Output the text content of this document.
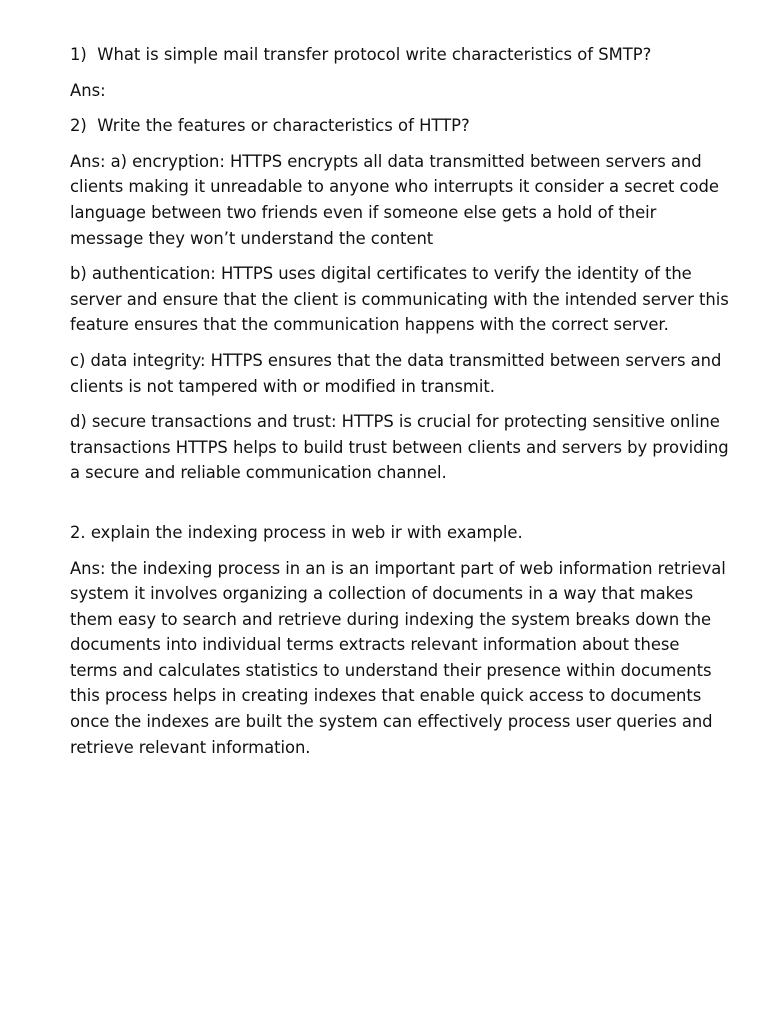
1)  What is simple mail transfer protocol write characteristics of SMTP?

Ans:

2)  Write the features or characteristics of HTTP?

Ans: a) encryption: HTTPS encrypts all data transmitted between servers and clients making it unreadable to anyone who interrupts it consider a secret code language between two friends even if someone else gets a hold of their message they won’t understand the content

b) authentication: HTTPS uses digital certificates to verify the identity of the server and ensure that the client is communicating with the intended server this feature ensures that the communication happens with the correct server.

c) data integrity: HTTPS ensures that the data transmitted between servers and clients is not tampered with or modified in transmit.

d) secure transactions and trust: HTTPS is crucial for protecting sensitive online transactions HTTPS helps to build trust between clients and servers by providing a secure and reliable communication channel.

2. explain the indexing process in web ir with example.

Ans: the indexing process in an is an important part of web information retrieval system it involves organizing a collection of documents in a way that makes them easy to search and retrieve during indexing the system breaks down the documents into individual terms extracts relevant information about these terms and calculates statistics to understand their presence within documents this process helps in creating indexes that enable quick access to documents once the indexes are built the system can effectively process user queries and retrieve relevant information.
